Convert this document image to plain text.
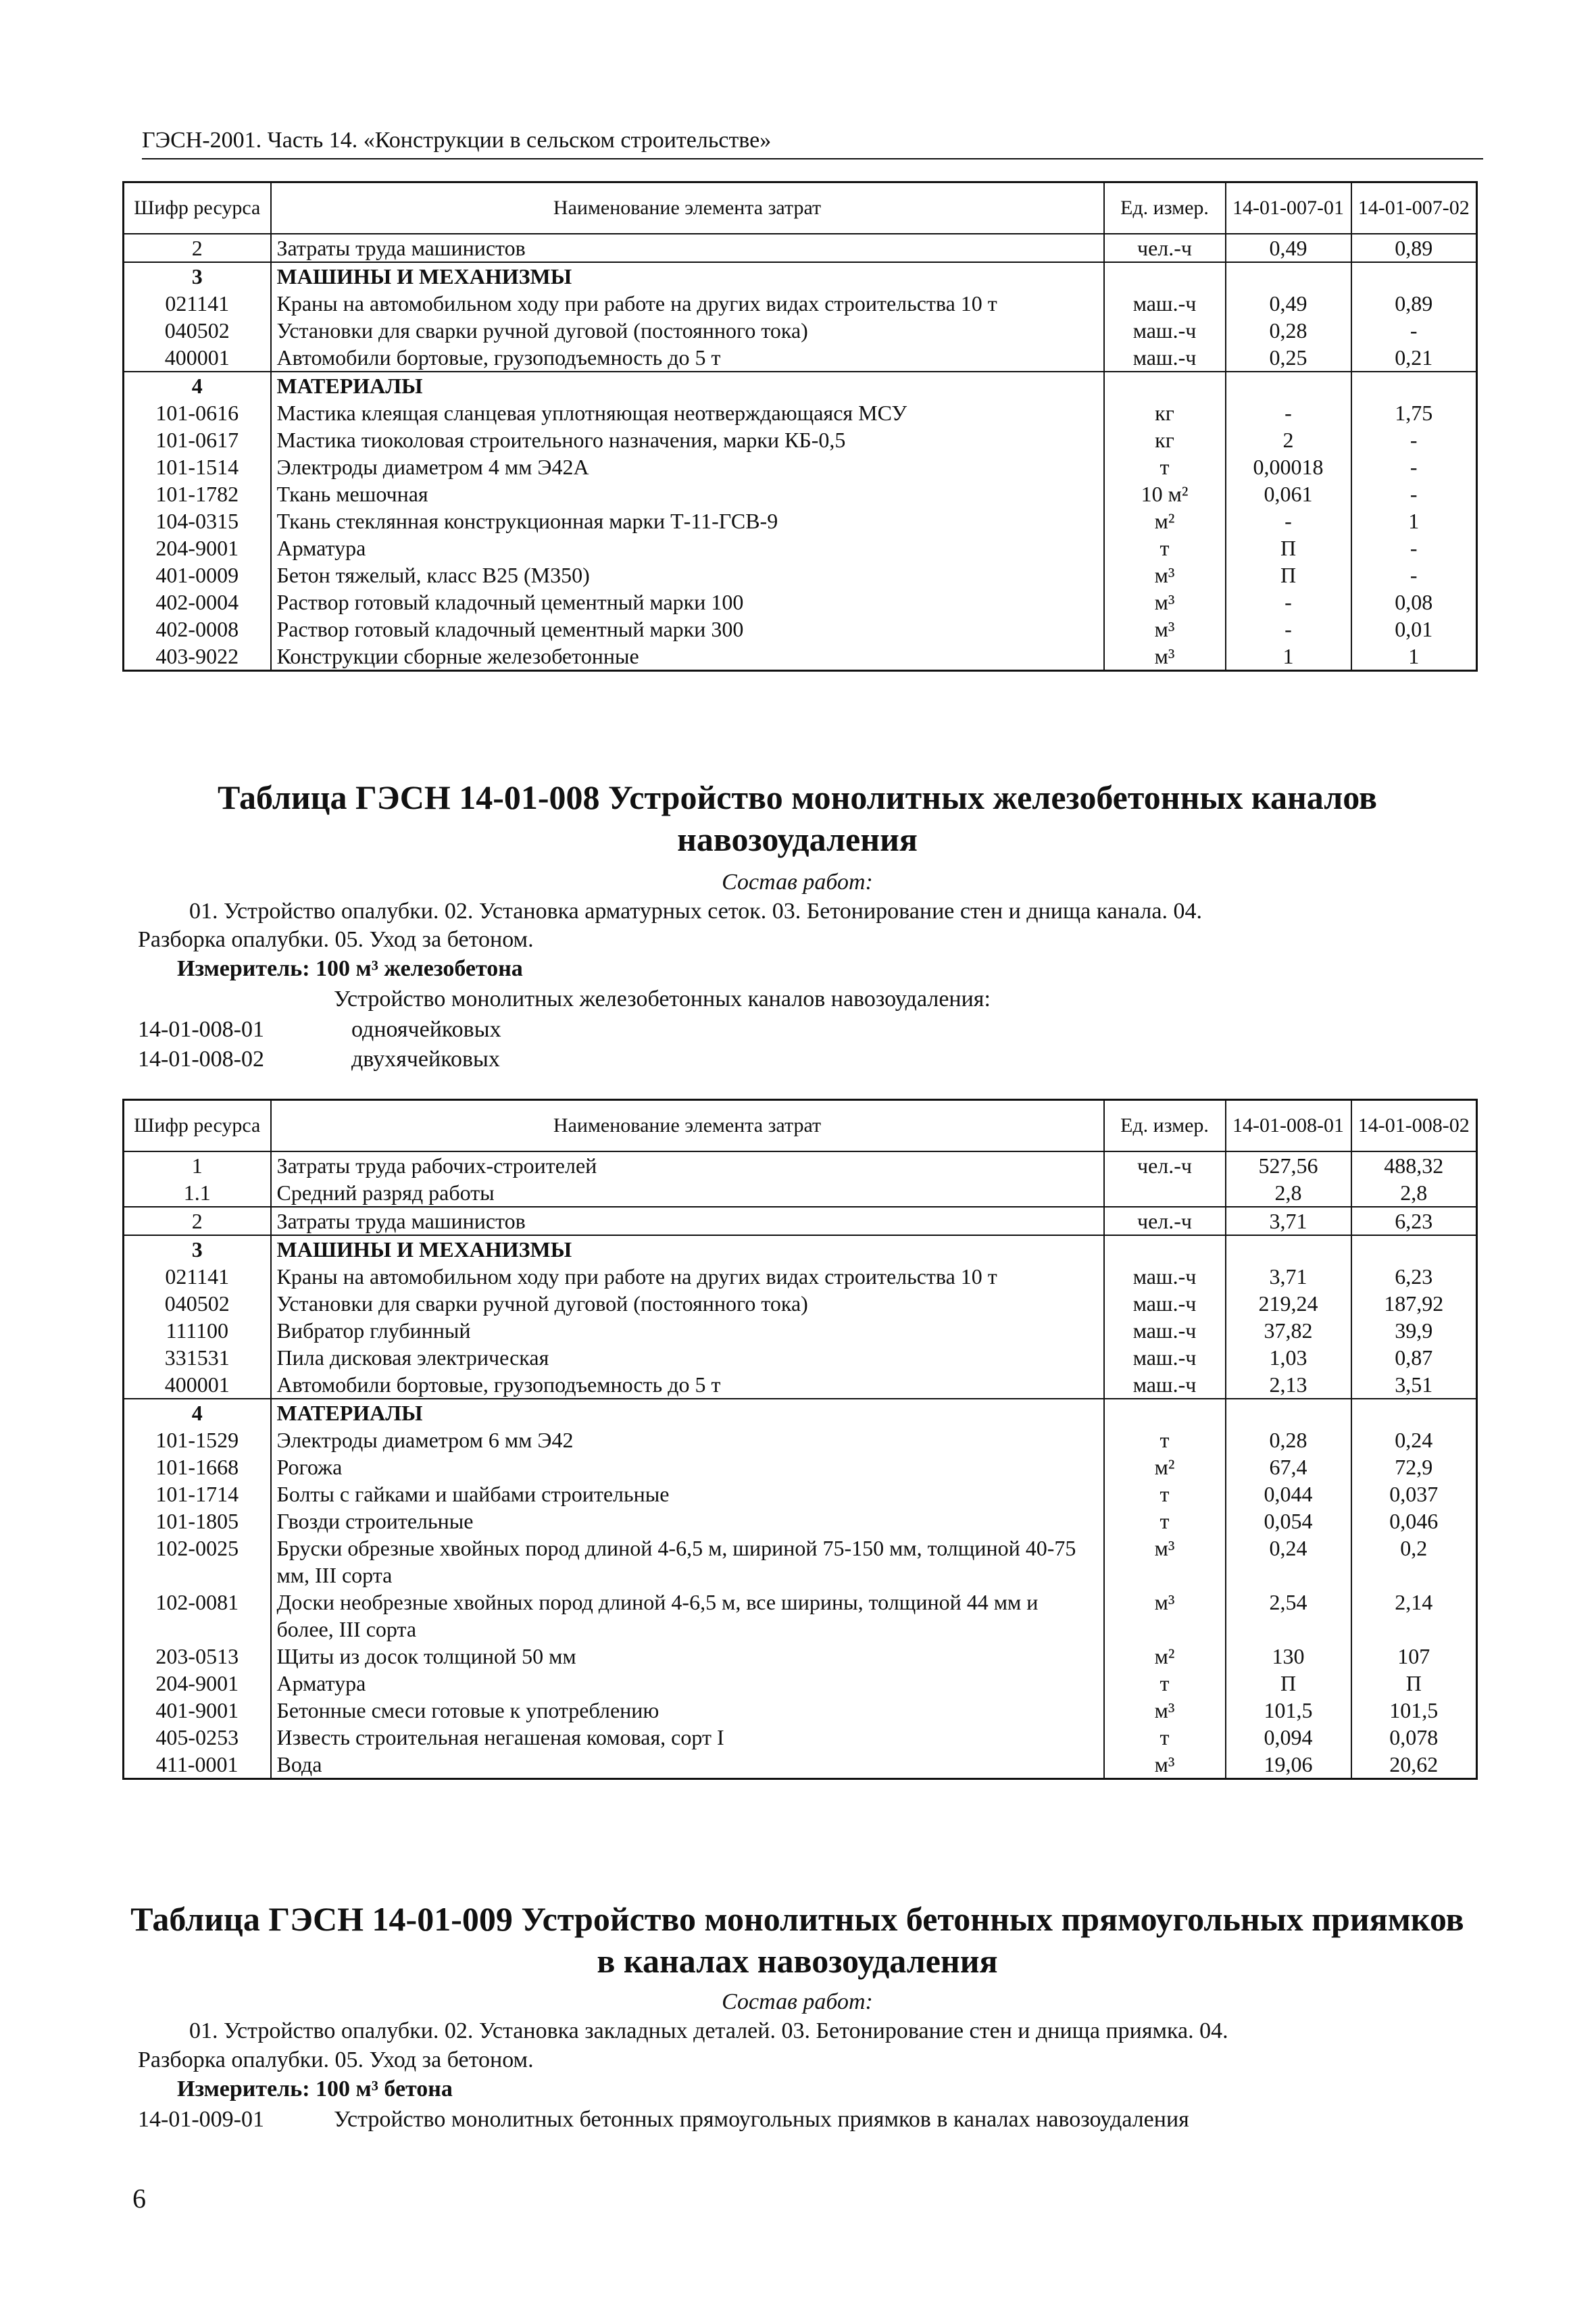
ГЭСН-2001. Часть 14. «Конструкции в сельском строительстве»
Шифр ресурса	Наименование элемента затрат	Ед. измер.	14-01-007-01	14-01-007-02
2	Затраты труда машинистов	чел.-ч	0,49	0,89
3	МАШИНЫ И МЕХАНИЗМЫ			
021141	Краны на автомобильном ходу при работе на других видах строительства 10 т	маш.-ч	0,49	0,89
040502	Установки для сварки ручной дуговой (постоянного тока)	маш.-ч	0,28	-
400001	Автомобили бортовые, грузоподъемность до 5 т	маш.-ч	0,25	0,21
4	МАТЕРИАЛЫ			
101-0616	Мастика клеящая сланцевая уплотняющая неотверждающаяся МСУ	кг	-	1,75
101-0617	Мастика тиоколовая строительного назначения, марки КБ-0,5	кг	2	-
101-1514	Электроды диаметром 4 мм Э42А	т	0,00018	-
101-1782	Ткань мешочная	10 м²	0,061	-
104-0315	Ткань стеклянная конструкционная марки Т-11-ГСВ-9	м²	-	1
204-9001	Арматура	т	П	-
401-0009	Бетон тяжелый, класс В25 (М350)	м³	П	-
402-0004	Раствор готовый кладочный цементный марки 100	м³	-	0,08
402-0008	Раствор готовый кладочный цементный марки 300	м³	-	0,01
403-9022	Конструкции сборные железобетонные	м³	1	1
Таблица ГЭСН 14-01-008 Устройство монолитных железобетонных каналов
навозоудаления
Состав работ:
01. Устройство опалубки. 02. Установка арматурных сеток. 03. Бетонирование стен и днища канала. 04.
Разборка опалубки. 05. Уход за бетоном.
Измеритель: 100 м³ железобетона
Устройство монолитных железобетонных каналов навозоудаления:
14-01-008-01	одноячейковых
14-01-008-02	двухячейковых
Шифр ресурса	Наименование элемента затрат	Ед. измер.	14-01-008-01	14-01-008-02
1	Затраты труда рабочих-строителей	чел.-ч	527,56	488,32
1.1	Средний разряд работы		2,8	2,8
2	Затраты труда машинистов	чел.-ч	3,71	6,23
3	МАШИНЫ И МЕХАНИЗМЫ			
021141	Краны на автомобильном ходу при работе на других видах строительства 10 т	маш.-ч	3,71	6,23
040502	Установки для сварки ручной дуговой (постоянного тока)	маш.-ч	219,24	187,92
111100	Вибратор глубинный	маш.-ч	37,82	39,9
331531	Пила дисковая электрическая	маш.-ч	1,03	0,87
400001	Автомобили бортовые, грузоподъемность до 5 т	маш.-ч	2,13	3,51
4	МАТЕРИАЛЫ			
101-1529	Электроды диаметром 6 мм Э42	т	0,28	0,24
101-1668	Рогожа	м²	67,4	72,9
101-1714	Болты с гайками и шайбами строительные	т	0,044	0,037
101-1805	Гвозди строительные	т	0,054	0,046
102-0025	Бруски обрезные хвойных пород длиной 4-6,5 м, шириной 75-150 мм, толщиной 40-75 мм, III сорта	м³	0,24	0,2
102-0081	Доски необрезные хвойных пород длиной 4-6,5 м, все ширины, толщиной 44 мм и более, III сорта	м³	2,54	2,14
203-0513	Щиты из досок толщиной 50 мм	м²	130	107
204-9001	Арматура	т	П	П
401-9001	Бетонные смеси готовые к употреблению	м³	101,5	101,5
405-0253	Известь строительная негашеная комовая, сорт I	т	0,094	0,078
411-0001	Вода	м³	19,06	20,62
Таблица ГЭСН 14-01-009 Устройство монолитных бетонных прямоугольных приямков
в каналах навозоудаления
Состав работ:
01. Устройство опалубки. 02. Установка закладных деталей. 03. Бетонирование стен и днища приямка. 04.
Разборка опалубки. 05. Уход за бетоном.
Измеритель: 100 м³ бетона
14-01-009-01	Устройство монолитных бетонных прямоугольных приямков в каналах навозоудаления
6
